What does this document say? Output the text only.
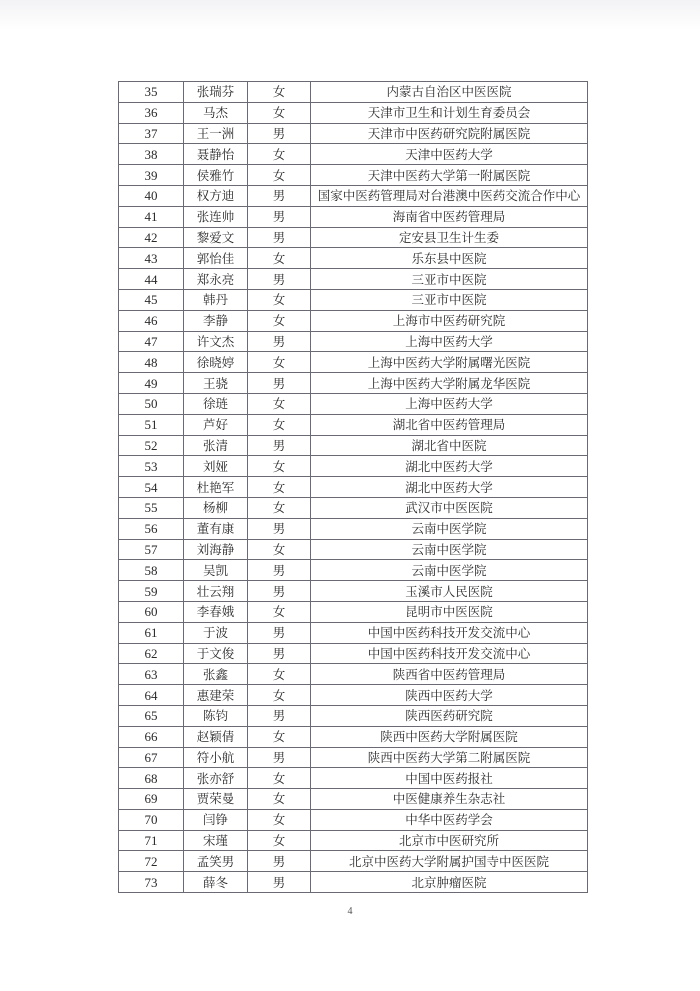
35	张瑞芬	女	内蒙古自治区中医医院
36	马杰	女	天津市卫生和计划生育委员会
37	王一洲	男	天津市中医药研究院附属医院
38	聂静怡	女	天津中医药大学
39	侯雅竹	女	天津中医药大学第一附属医院
40	权方迪	男	国家中医药管理局对台港澳中医药交流合作中心
41	张连帅	男	海南省中医药管理局
42	黎爱文	男	定安县卫生计生委
43	郭怡佳	女	乐东县中医院
44	郑永亮	男	三亚市中医院
45	韩丹	女	三亚市中医院
46	李静	女	上海市中医药研究院
47	许文杰	男	上海中医药大学
48	徐晓婷	女	上海中医药大学附属曙光医院
49	王骁	男	上海中医药大学附属龙华医院
50	徐琏	女	上海中医药大学
51	芦好	女	湖北省中医药管理局
52	张清	男	湖北省中医院
53	刘娅	女	湖北中医药大学
54	杜艳军	女	湖北中医药大学
55	杨柳	女	武汉市中医医院
56	董有康	男	云南中医学院
57	刘海静	女	云南中医学院
58	吴凯	男	云南中医学院
59	壮云翔	男	玉溪市人民医院
60	李春娥	女	昆明市中医医院
61	于波	男	中国中医药科技开发交流中心
62	于文俊	男	中国中医药科技开发交流中心
63	张鑫	女	陕西省中医药管理局
64	惠建荣	女	陕西中医药大学
65	陈钧	男	陕西医药研究院
66	赵颖倩	女	陕西中医药大学附属医院
67	符小航	男	陕西中医药大学第二附属医院
68	张亦舒	女	中国中医药报社
69	贾荣曼	女	中医健康养生杂志社
70	闫铮	女	中华中医药学会
71	宋瑾	女	北京市中医研究所
72	孟笑男	男	北京中医药大学附属护国寺中医医院
73	薛冬	男	北京肿瘤医院
4
